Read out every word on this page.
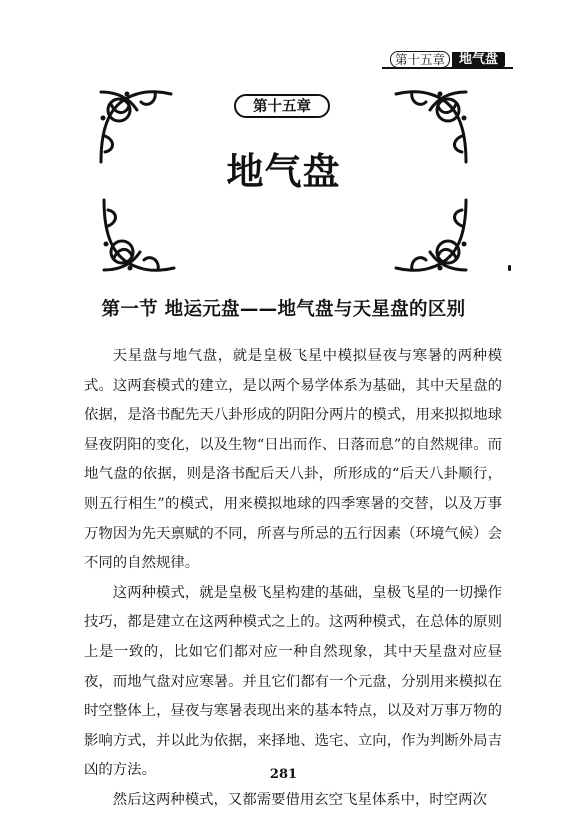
第十五章	地气盘
第十五章
地气盘
第一节 地运元盘——地气盘与天星盘的区别

天星盘与地气盘，就是皇极飞星中模拟昼夜与寒暑的两种模式。这两套模式的建立，是以两个易学体系为基础，其中天星盘的依据，是洛书配先天八卦形成的阴阳分两片的模式，用来拟拟地球昼夜阴阳的变化，以及生物“日出而作、日落而息”的自然规律。而地气盘的依据，则是洛书配后天八卦，所形成的“后天八卦顺行，则五行相生”的模式，用来模拟地球的四季寒暑的交替，以及万事万物因为先天禀赋的不同，所喜与所忌的五行因素（环境气候）会不同的自然规律。

这两种模式，就是皇极飞星构建的基础，皇极飞星的一切操作技巧，都是建立在这两种模式之上的。这两种模式，在总体的原则上是一致的，比如它们都对应一种自然现象，其中天星盘对应昼夜，而地气盘对应寒暑。并且它们都有一个元盘，分别用来模拟在时空整体上，昼夜与寒暑表现出来的基本特点，以及对万事万物的影响方式，并以此为依据，来择地、选宅、立向，作为判断外局吉凶的方法。

然后这两种模式，又都需要借用玄空飞星体系中，时空两次

281
